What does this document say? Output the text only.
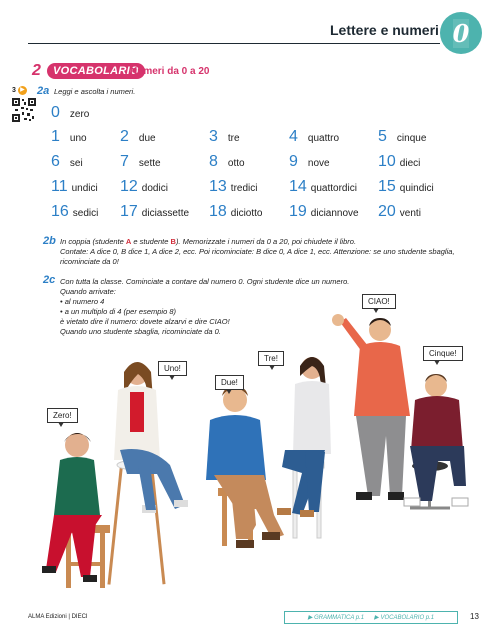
Lettere e numeri 0
2	VOCABOLARIO
Numeri da 0 a 20
3 ▶ 2a Leggi e ascolta i numeri.
0 zero
1 uno 2 due	3 tre	4 quattro 5 cinque
6 sei 7 sette	8 otto	9 nove	10 dieci
11 undici 12 dodici	13 tredici 14 quattordici 15 quindici
16 sedici 17 diciassette 18 diciotto 19 diciannove 20 venti
2b In coppia (studente A e studente B). Memorizzate i numeri da 0 a 20, poi chiudete il libro.
Contate: A dice 0, B dice 1, A dice 2, ecc. Poi ricominciate: B dice 0, A dice 1, ecc. Attenzione: se uno studente sbaglia,
ricominciate da 0!
2c Con tutta la classe. Cominciate a contare dal numero 0. Ogni studente dice un numero.
Quando arrivate:
• al numero 4
• a un multiplo di 4 (per esempio 8)
è vietato dire il numero: dovete alzarvi e dire CIAO!
Quando uno studente sbaglia, ricominciate da 0.
Zero!
Uno!
Due!
Tre!
CIAO!
Cinque!
ALMA Edizioni | DIECI	▶ GRAMMATICA p.1 ▶ VOCABOLARIO p.1	13
